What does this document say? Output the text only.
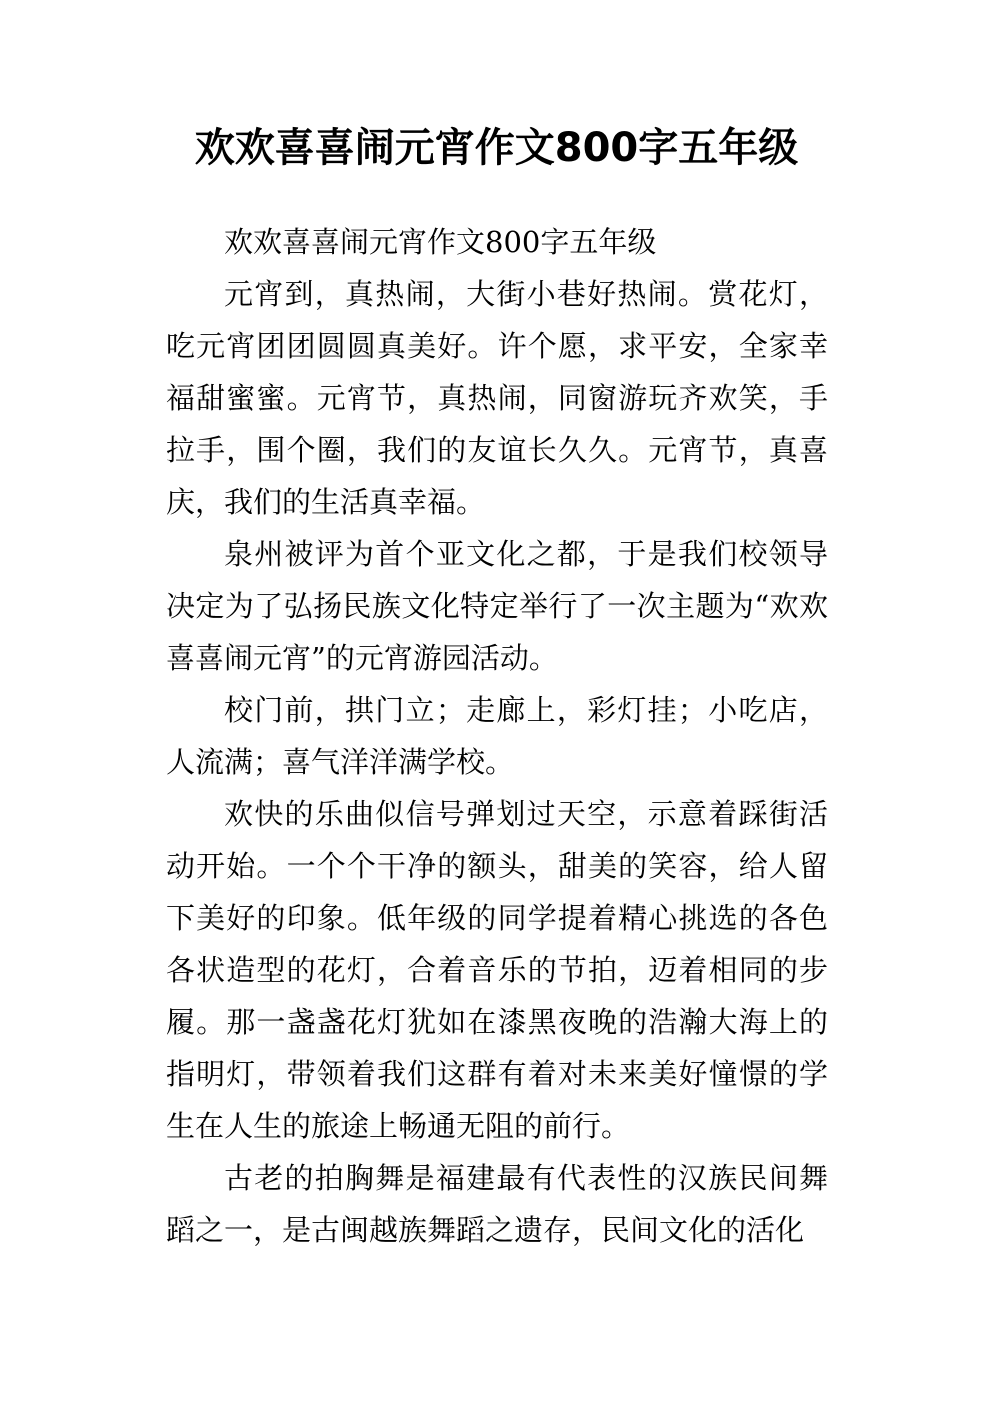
欢欢喜喜闹元宵作文800字五年级

欢欢喜喜闹元宵作文800字五年级

元宵到，真热闹，大街小巷好热闹。赏花灯，吃元宵团团圆圆真美好。许个愿，求平安，全家幸福甜蜜蜜。元宵节，真热闹，同窗游玩齐欢笑，手拉手，围个圈，我们的友谊长久久。元宵节，真喜庆，我们的生活真幸福。

泉州被评为首个亚文化之都，于是我们校领导决定为了弘扬民族文化特定举行了一次主题为“欢欢喜喜闹元宵”的元宵游园活动。

校门前，拱门立；走廊上，彩灯挂；小吃店，人流满；喜气洋洋满学校。

欢快的乐曲似信号弹划过天空，示意着踩街活动开始。一个个干净的额头，甜美的笑容，给人留下美好的印象。低年级的同学提着精心挑选的各色各状造型的花灯，合着音乐的节拍，迈着相同的步履。那一盏盏花灯犹如在漆黑夜晚的浩瀚大海上的指明灯，带领着我们这群有着对未来美好憧憬的学生在人生的旅途上畅通无阻的前行。

古老的拍胸舞是福建最有代表性的汉族民间舞蹈之一，是古闽越族舞蹈之遗存，民间文化的活化
